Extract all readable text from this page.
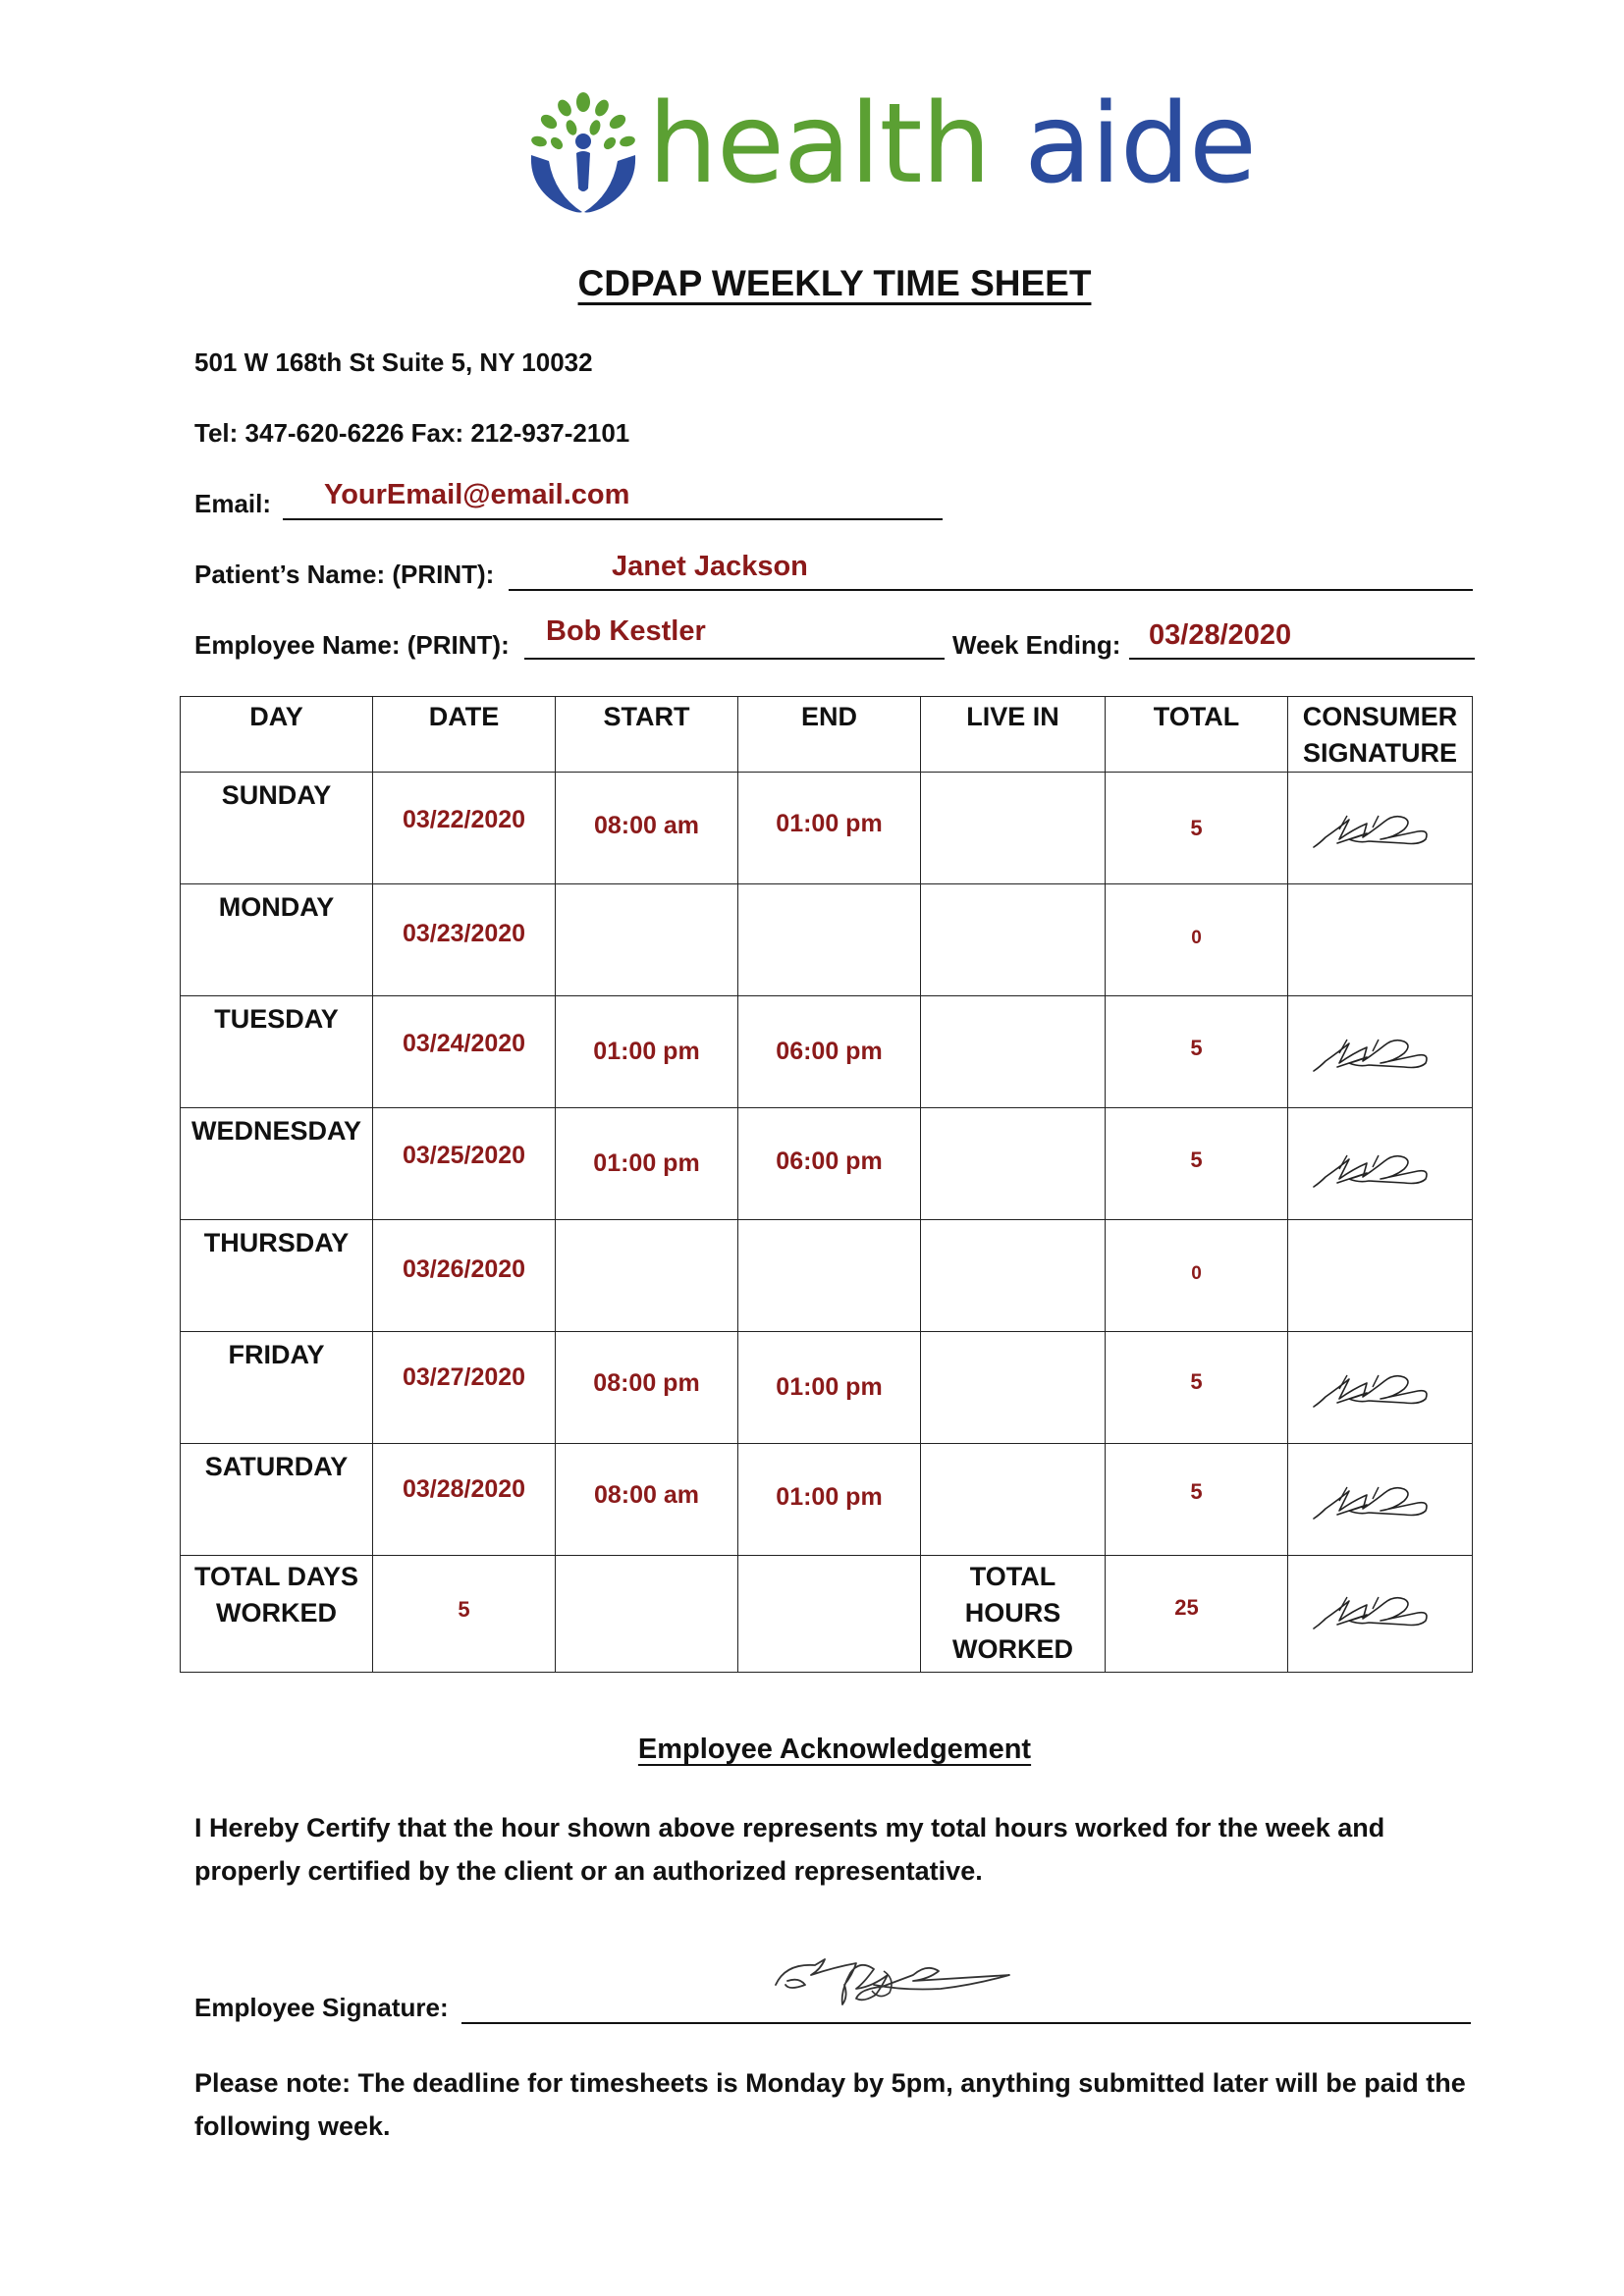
health aide
CDPAP WEEKLY TIME SHEET
501 W 168th St Suite 5, NY 10032
Tel: 347-620-6226 Fax: 212-937-2101
Email: YourEmail@email.com
Patient’s Name: (PRINT):	Janet Jackson
Employee Name: (PRINT): Bob Kestler	Week Ending: 03/28/2020
DAY	DATE	START	END	LIVE IN	TOTAL	CONSUMER SIGNATURE

SUNDAY	03/22/2020	08:00 am	01:00 pm		5

MONDAY	03/23/2020				0	

TUESDAY	03/24/2020	01:00 pm	06:00 pm		5

WEDNESDAY	03/25/2020	01:00 pm	06:00 pm		5

THURSDAY	03/26/2020				0	

FRIDAY	03/27/2020	08:00 pm	01:00 pm		5

SATURDAY	03/28/2020	08:00 am	01:00 pm		5

TOTAL DAYS WORKED	5			TOTAL HOURS WORKED	25

Employee Acknowledgement
I Hereby Certify that the hour shown above represents my total hours worked for the week and properly certified by the client or an authorized representative.
Employee Signature:
Please note: The deadline for timesheets is Monday by 5pm, anything submitted later will be paid the following week.
